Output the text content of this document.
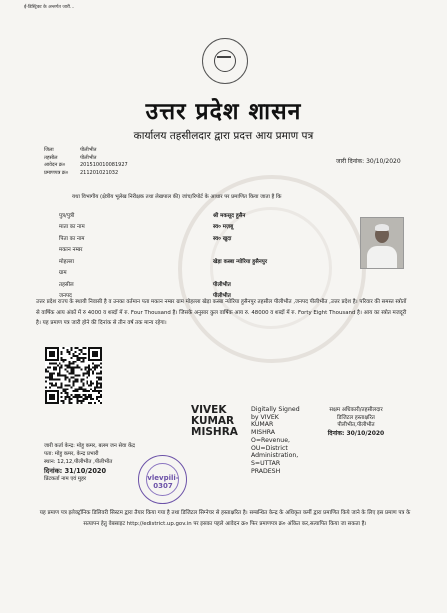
ई-डिस्ट्रिक्ट के अन्तर्गत जारी...
उत्तर प्रदेश शासन
कार्यालय तहसीलदार द्वारा प्रदत्त आय प्रमाण पत्र
जिला	पीलीभीत
तहसील	पीलीभीत
आवेदन क्र०	201510010081927
प्रमाणपत्र क्र०	211201021032
जारी दिनांक: 30/10/2020
यथा विभागीय (क्षेत्रीय भूलेख निरीक्षक तथा लेखपाल की) जांच/रिपोर्ट के आधार पर प्रमाणित किया जाता है कि
पुत्र/पुत्री	श्री मकसूद हुसैन
माता का नाम	स्व० मज़बू
पिता का नाम	स्व० खुदा
मकान नम्बर
मोहल्ला	खेड़ा कस्बा न्योरिया हुसैनपुर
ग्राम
तहसील	पीलीभीत
जनपद	पीलीभीत
उत्तर प्रदेश राज्य के स्थायी निवासी है व उनका वर्तमान पता मकान नम्बर ग्राम मोहल्ला खेड़ा कस्बा न्योरिया हुसैनपुर तहसील पीलीभीत ,जनपद पीलीभीत ,उत्तर प्रदेश है। परिवार की समस्त स्त्रोतों से वार्षिक आय अंकों में रु 4000 व शब्दों में रु. Four Thousand है। जिसके अनुसार कुल वार्षिक आय रु. 48000 व शब्दों में रु. Forty Eight Thousand है। आय का स्त्रोत मजदूरी है। यह प्रमाण पत्र जारी होने की दिनांक से तीन वर्ष तक मान्य रहेगा।
VIVEK
KUMAR
MISHRA
Digitally Signed
by VIVEK
KUMAR
MISHRA
O=Revenue,
OU=District
Administration,
S=UTTAR
PRADESH
सक्षम अधिकारी/तहसीलदार
डिजिटल हस्ताक्षरित
पीलीभीत,पीलीभीत
दिनांक: 30/10/2020
जारी कर्ता केन्द्र: मोहु कमर, बलम जन सेवा केंद्र
पता: मोहु कमर, केन्द्र प्रभारी
स्थान: 12,12,पीलीभीत ,पीलीभीत
दिनांक: 31/10/2020
प्रिंटकर्ता नाम एवं मुहर	vlevpili-0307
यह प्रमाण पत्र इलेक्ट्रॉनिक डिलिवरी सिस्टम द्वारा तैयार किया गया है तथा डिजिटल सिग्नेचर से हस्ताक्षरित है। सम्बन्धित केन्द्र के अधिकृत कर्मी द्वारा प्रमाणित किये जाने के लिए इस प्रमाण पत्र के सत्यापन हेतु वेबसाइट http://edistrict.up.gov.in पर इसका पहले आवेदन क्र० फिर प्रमाणपत्र क्र० अंकित कर,सत्यापित किया जा सकता है।
